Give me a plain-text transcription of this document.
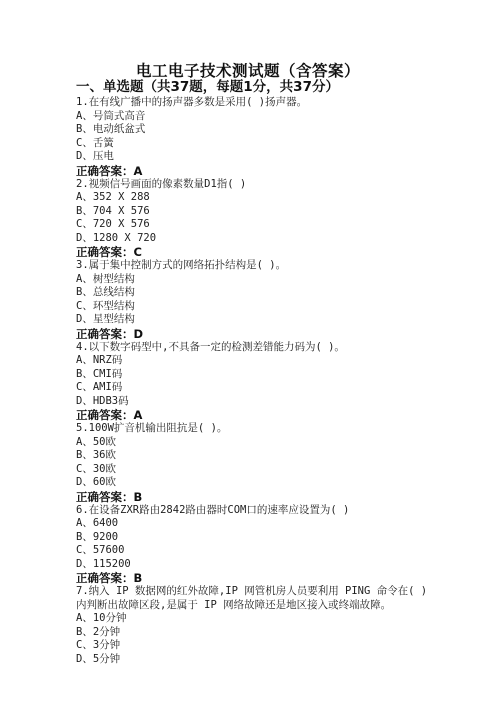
电工电子技术测试题（含答案）
一、单选题（共37题，每题1分，共37分）
1.在有线广播中的扬声器多数是采用( )扬声器。
A、号筒式高音
B、电动纸盆式
C、舌簧
D、压电
正确答案：A
2.视频信号画面的像素数量D1指( )
A、352 X 288
B、704 X 576
C、720 X 576
D、1280 X 720
正确答案：C
3.属于集中控制方式的网络拓扑结构是( )。
A、树型结构
B、总线结构
C、环型结构
D、星型结构
正确答案：D
4.以下数字码型中,不具备一定的检测差错能力码为( )。
A、NRZ码
B、CMI码
C、AMI码
D、HDB3码
正确答案：A
5.100W扩音机输出阻抗是( )。
A、50欧
B、36欧
C、30欧
D、60欧
正确答案：B
6.在设备ZXR路由2842路由器时COM口的速率应设置为( )
A、6400
B、9200
C、57600
D、115200
正确答案：B
7.纳入 IP 数据网的红外故障,IP 网管机房人员要利用 PING 命令在( )内判断出故障区段,是属于 IP 网络故障还是地区接入或终端故障。
A、10分钟
B、2分钟
C、3分钟
D、5分钟
